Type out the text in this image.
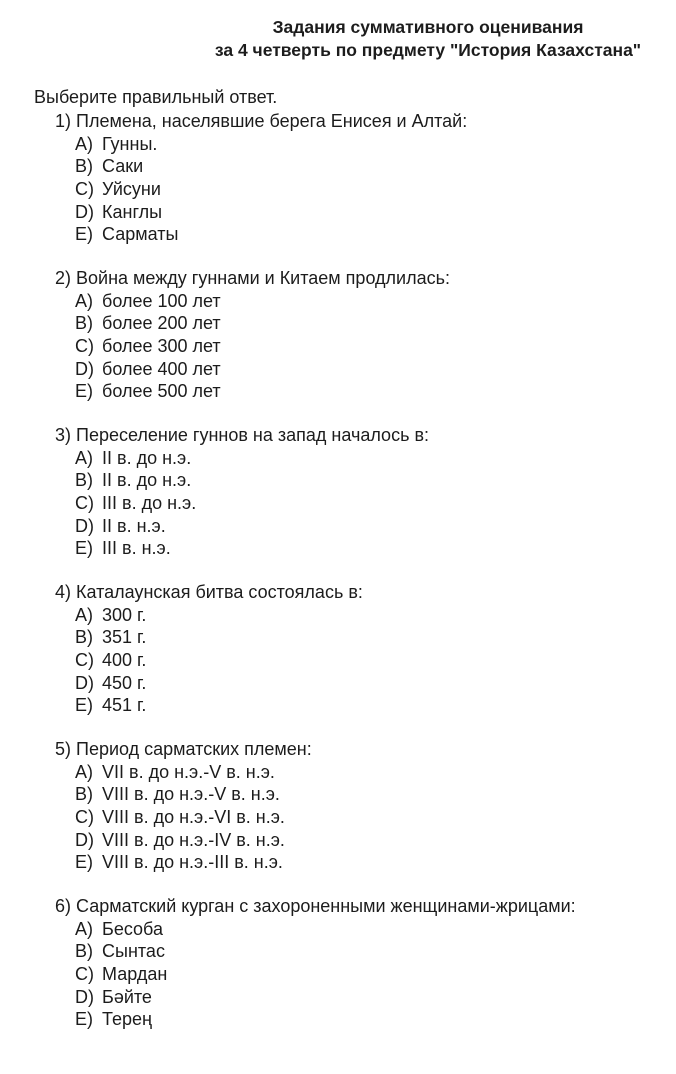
Задания суммативного оценивания
за 4 четверть по предмету "История Казахстана"
Выберите правильный ответ.
1) Племена, населявшие берега Енисея и Алтай:
A) Гунны.
B) Саки
C) Уйсуни
D) Канглы
E) Сарматы
2) Война между гуннами и Китаем продлилась:
A) более 100 лет
B) более 200 лет
C) более 300 лет
D) более 400 лет
E) более 500 лет
3) Переселение гуннов на запад началось в:
A) II в. до н.э.
B) II в. до н.э.
C) III в. до н.э.
D) II в. н.э.
E) III в. н.э.
4) Каталаунская битва состоялась в:
A) 300 г.
B) 351 г.
C) 400 г.
D) 450 г.
E) 451 г.
5) Период сарматских племен:
A) VII в. до н.э.-V в. н.э.
B) VIII в. до н.э.-V в. н.э.
C) VIII в. до н.э.-VI в. н.э.
D) VIII в. до н.э.-IV в. н.э.
E) VIII в. до н.э.-III в. н.э.
6) Сарматский курган с захороненными женщинами-жрицами:
A) Бесоба
B) Сынтас
C) Мардан
D) Бәйте
E) Терең
